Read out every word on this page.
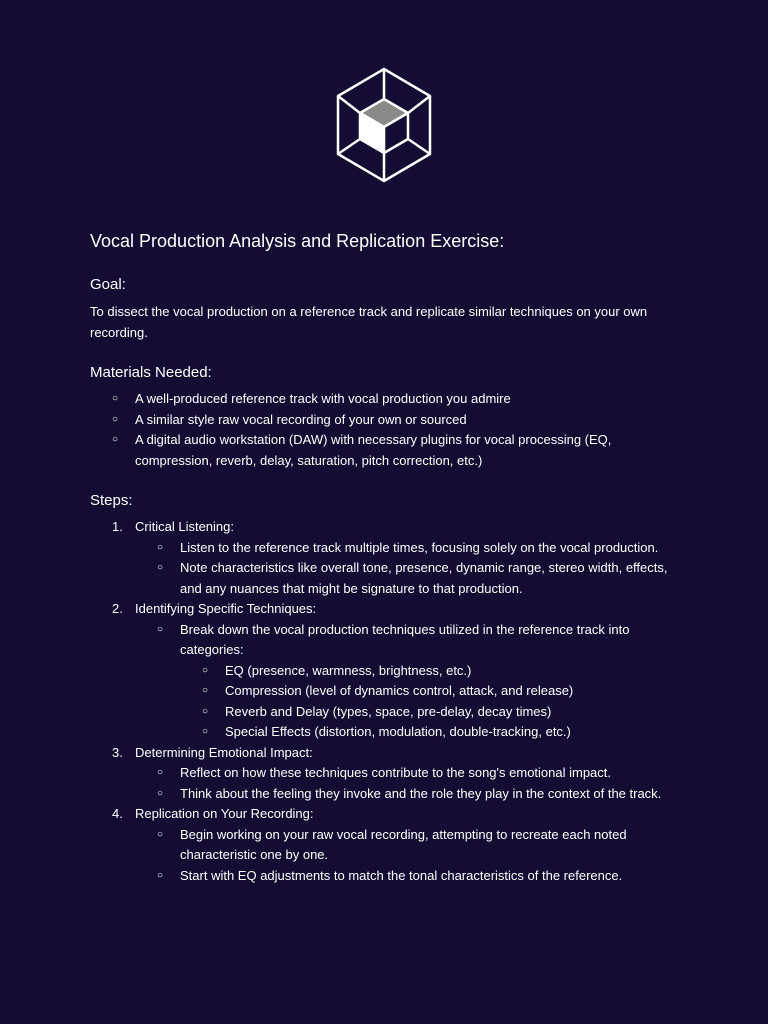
Vocal Production Analysis and Replication Exercise:
Goal:

To dissect the vocal production on a reference track and replicate similar techniques on your own recording.

Materials Needed:
○ A well-produced reference track with vocal production you admire
○ A similar style raw vocal recording of your own or sourced
○ A digital audio workstation (DAW) with necessary plugins for vocal processing (EQ, compression, reverb, delay, saturation, pitch correction, etc.)
Steps:
1. Critical Listening:
○ Listen to the reference track multiple times, focusing solely on the vocal production.
○ Note characteristics like overall tone, presence, dynamic range, stereo width, effects, and any nuances that might be signature to that production.
2. Identifying Specific Techniques:
○ Break down the vocal production techniques utilized in the reference track into categories:
○ EQ (presence, warmness, brightness, etc.)
○ Compression (level of dynamics control, attack, and release)
○ Reverb and Delay (types, space, pre-delay, decay times)
○ Special Effects (distortion, modulation, double-tracking, etc.)
3. Determining Emotional Impact:
○ Reflect on how these techniques contribute to the song's emotional impact.
○ Think about the feeling they invoke and the role they play in the context of the track.
4. Replication on Your Recording:
○ Begin working on your raw vocal recording, attempting to recreate each noted characteristic one by one.
○ Start with EQ adjustments to match the tonal characteristics of the reference.
